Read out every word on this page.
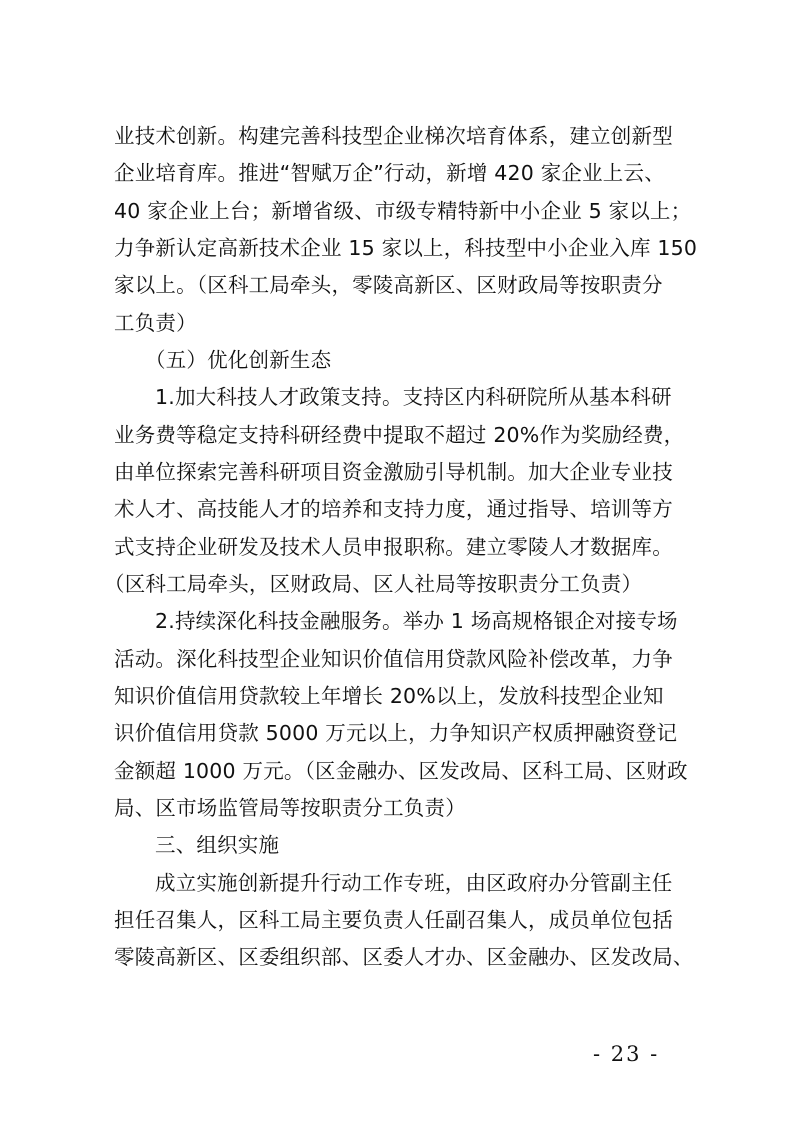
业技术创新。构建完善科技型企业梯次培育体系，建立创新型
企业培育库。推进“智赋万企”行动，新增 420 家企业上云、
40 家企业上台；新增省级、市级专精特新中小企业 5 家以上；
力争新认定高新技术企业 15 家以上，科技型中小企业入库 150
家以上。（区科工局牵头，零陵高新区、区财政局等按职责分
工负责）
（五）优化创新生态
1.加大科技人才政策支持。支持区内科研院所从基本科研
业务费等稳定支持科研经费中提取不超过 20%作为奖励经费，
由单位探索完善科研项目资金激励引导机制。加大企业专业技
术人才、高技能人才的培养和支持力度，通过指导、培训等方
式支持企业研发及技术人员申报职称。建立零陵人才数据库。
（区科工局牵头，区财政局、区人社局等按职责分工负责）
2.持续深化科技金融服务。举办 1 场高规格银企对接专场
活动。深化科技型企业知识价值信用贷款风险补偿改革，力争
知识价值信用贷款较上年增长 20%以上，发放科技型企业知
识价值信用贷款 5000 万元以上，力争知识产权质押融资登记
金额超 1000 万元。（区金融办、区发改局、区科工局、区财政
局、区市场监管局等按职责分工负责）
三、组织实施
成立实施创新提升行动工作专班，由区政府办分管副主任
担任召集人，区科工局主要负责人任副召集人，成员单位包括
零陵高新区、区委组织部、区委人才办、区金融办、区发改局、
- 23 -
